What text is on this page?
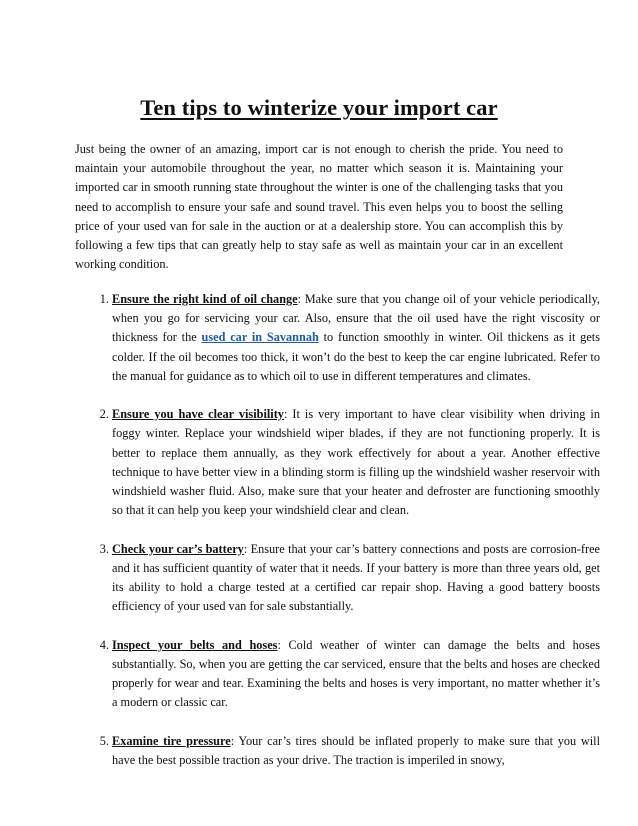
Ten tips to winterize your import car

Just being the owner of an amazing, import car is not enough to cherish the pride. You need to maintain your automobile throughout the year, no matter which season it is. Maintaining your imported car in smooth running state throughout the winter is one of the challenging tasks that you need to accomplish to ensure your safe and sound travel. This even helps you to boost the selling price of your used van for sale in the auction or at a dealership store. You can accomplish this by following a few tips that can greatly help to stay safe as well as maintain your car in an excellent working condition.

1. Ensure the right kind of oil change: Make sure that you change oil of your vehicle periodically, when you go for servicing your car. Also, ensure that the oil used have the right viscosity or thickness for the used car in Savannah to function smoothly in winter. Oil thickens as it gets colder. If the oil becomes too thick, it won’t do the best to keep the car engine lubricated. Refer to the manual for guidance as to which oil to use in different temperatures and climates.
2. Ensure you have clear visibility: It is very important to have clear visibility when driving in foggy winter. Replace your windshield wiper blades, if they are not functioning properly. It is better to replace them annually, as they work effectively for about a year. Another effective technique to have better view in a blinding storm is filling up the windshield washer reservoir with windshield washer fluid. Also, make sure that your heater and defroster are functioning smoothly so that it can help you keep your windshield clear and clean.
3. Check your car’s battery: Ensure that your car’s battery connections and posts are corrosion-free and it has sufficient quantity of water that it needs. If your battery is more than three years old, get its ability to hold a charge tested at a certified car repair shop. Having a good battery boosts efficiency of your used van for sale substantially.
4. Inspect your belts and hoses: Cold weather of winter can damage the belts and hoses substantially. So, when you are getting the car serviced, ensure that the belts and hoses are checked properly for wear and tear. Examining the belts and hoses is very important, no matter whether it’s a modern or classic car.
5. Examine tire pressure: Your car’s tires should be inflated properly to make sure that you will have the best possible traction as your drive. The traction is imperiled in snowy,
